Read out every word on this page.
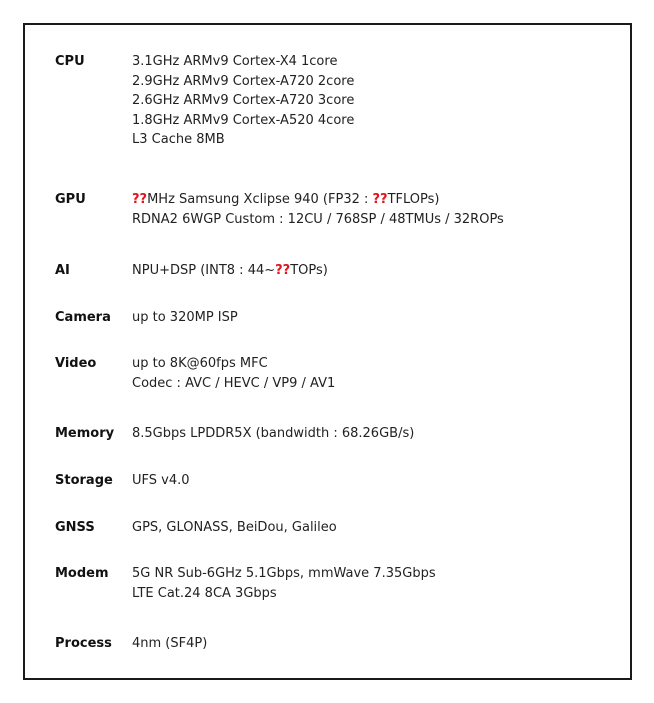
CPU	3.1GHz ARMv9 Cortex-X4 1core
2.9GHz ARMv9 Cortex-A720 2core
2.6GHz ARMv9 Cortex-A720 3core
1.8GHz ARMv9 Cortex-A520 4core
L3 Cache 8MB
GPU	??MHz Samsung Xclipse 940 (FP32 : ??TFLOPs)
RDNA2 6WGP Custom : 12CU / 768SP / 48TMUs / 32ROPs
AI	NPU+DSP (INT8 : 44~??TOPs)
Camera up to 320MP ISP
Video	up to 8K@60fps MFC
Codec : AVC / HEVC / VP9 / AV1
Memory 8.5Gbps LPDDR5X (bandwidth : 68.26GB/s)
Storage UFS v4.0
GNSS	GPS, GLONASS, BeiDou, Galileo
Modem 5G NR Sub-6GHz 5.1Gbps, mmWave 7.35Gbps
LTE Cat.24 8CA 3Gbps
Process 4nm (SF4P)
